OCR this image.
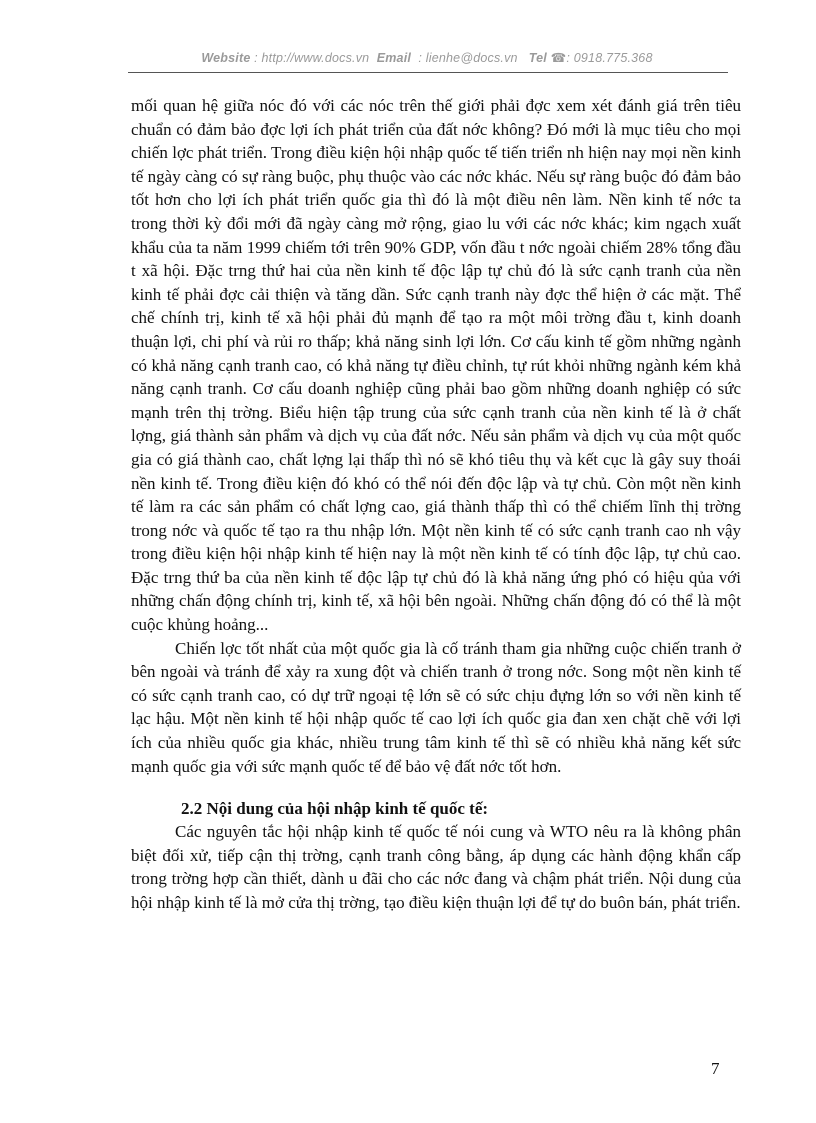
Website : http://www.docs.vn Email : lienhe@docs.vn Tel ☎: 0918.775.368

mối quan hệ giữa nóc đó với các nóc trên thế giới phải đợc xem xét đánh giá trên tiêu chuẩn có đảm bảo đợc lợi ích phát triển của đất nớc không? Đó mới là mục tiêu cho mọi chiến lợc phát triển. Trong điều kiện hội nhập quốc tế tiến triển nh hiện nay mọi nền kinh tế ngày càng có sự ràng buộc, phụ thuộc vào các nớc khác. Nếu sự ràng buộc đó đảm bảo tốt hơn cho lợi ích phát triển quốc gia thì đó là một điều nên làm. Nền kinh tế nớc ta trong thời kỳ đổi mới đã ngày càng mở rộng, giao lu với các nớc khác; kim ngạch xuất khẩu của ta năm 1999 chiếm tới trên 90% GDP, vốn đầu t nớc ngoài chiếm 28% tổng đầu t xã hội. Đặc trng thứ hai của nền kinh tế độc lập tự chủ đó là sức cạnh tranh của nền kinh tế phải đợc cải thiện và tăng dần. Sức cạnh tranh này đợc thể hiện ở các mặt. Thể chế chính trị, kinh tế xã hội phải đủ mạnh để tạo ra một môi trờng đầu t, kinh doanh thuận lợi, chi phí và rủi ro thấp; khả năng sinh lợi lớn. Cơ cấu kinh tế gồm những ngành có khả năng cạnh tranh cao, có khả năng tự điều chỉnh, tự rút khỏi những ngành kém khả năng cạnh tranh. Cơ cấu doanh nghiệp cũng phải bao gồm những doanh nghiệp có sức mạnh trên thị trờng. Biểu hiện tập trung của sức cạnh tranh của nền kinh tế là ở chất lợng, giá thành sản phẩm và dịch vụ của đất nớc. Nếu sản phẩm và dịch vụ của một quốc gia có giá thành cao, chất lợng lại thấp thì nó sẽ khó tiêu thụ và kết cục là gây suy thoái nền kinh tế. Trong điều kiện đó khó có thể nói đến độc lập và tự chủ. Còn một nền kinh tế làm ra các sản phẩm có chất lợng cao, giá thành thấp thì có thể chiếm lĩnh thị trờng trong nớc và quốc tế tạo ra thu nhập lớn. Một nền kinh tế có sức cạnh tranh cao nh vậy trong điều kiện hội nhập kinh tế hiện nay là một nền kinh tế có tính độc lập, tự chủ cao. Đặc trng thứ ba của nền kinh tế độc lập tự chủ đó là khả năng ứng phó có hiệu qủa với những chấn động chính trị, kinh tế, xã hội bên ngoài. Những chấn động đó có thể là một cuộc khủng hoảng...

Chiến lợc tốt nhất của một quốc gia là cố tránh tham gia những cuộc chiến tranh ở bên ngoài và tránh để xảy ra xung đột và chiến tranh ở trong nớc. Song một nền kinh tế có sức cạnh tranh cao, có dự trữ ngoại tệ lớn sẽ có sức chịu đựng lớn so với nền kinh tế lạc hậu. Một nền kinh tế hội nhập quốc tế cao lợi ích quốc gia đan xen chặt chẽ với lợi ích của nhiều quốc gia khác, nhiều trung tâm kinh tế thì sẽ có nhiều khả năng kết sức mạnh quốc gia với sức mạnh quốc tế để bảo vệ đất nớc tốt hơn.

2.2 Nội dung của hội nhập kinh tế quốc tế:

Các nguyên tắc hội nhập kinh tế quốc tế nói cung và WTO nêu ra là không phân biệt đối xử, tiếp cận thị trờng, cạnh tranh công bằng, áp dụng các hành động khẩn cấp trong trờng hợp cần thiết, dành u đãi cho các nớc đang và chậm phát triển. Nội dung của hội nhập kinh tế là mở cửa thị trờng, tạo điều kiện thuận lợi để tự do buôn bán, phát triển.

7
